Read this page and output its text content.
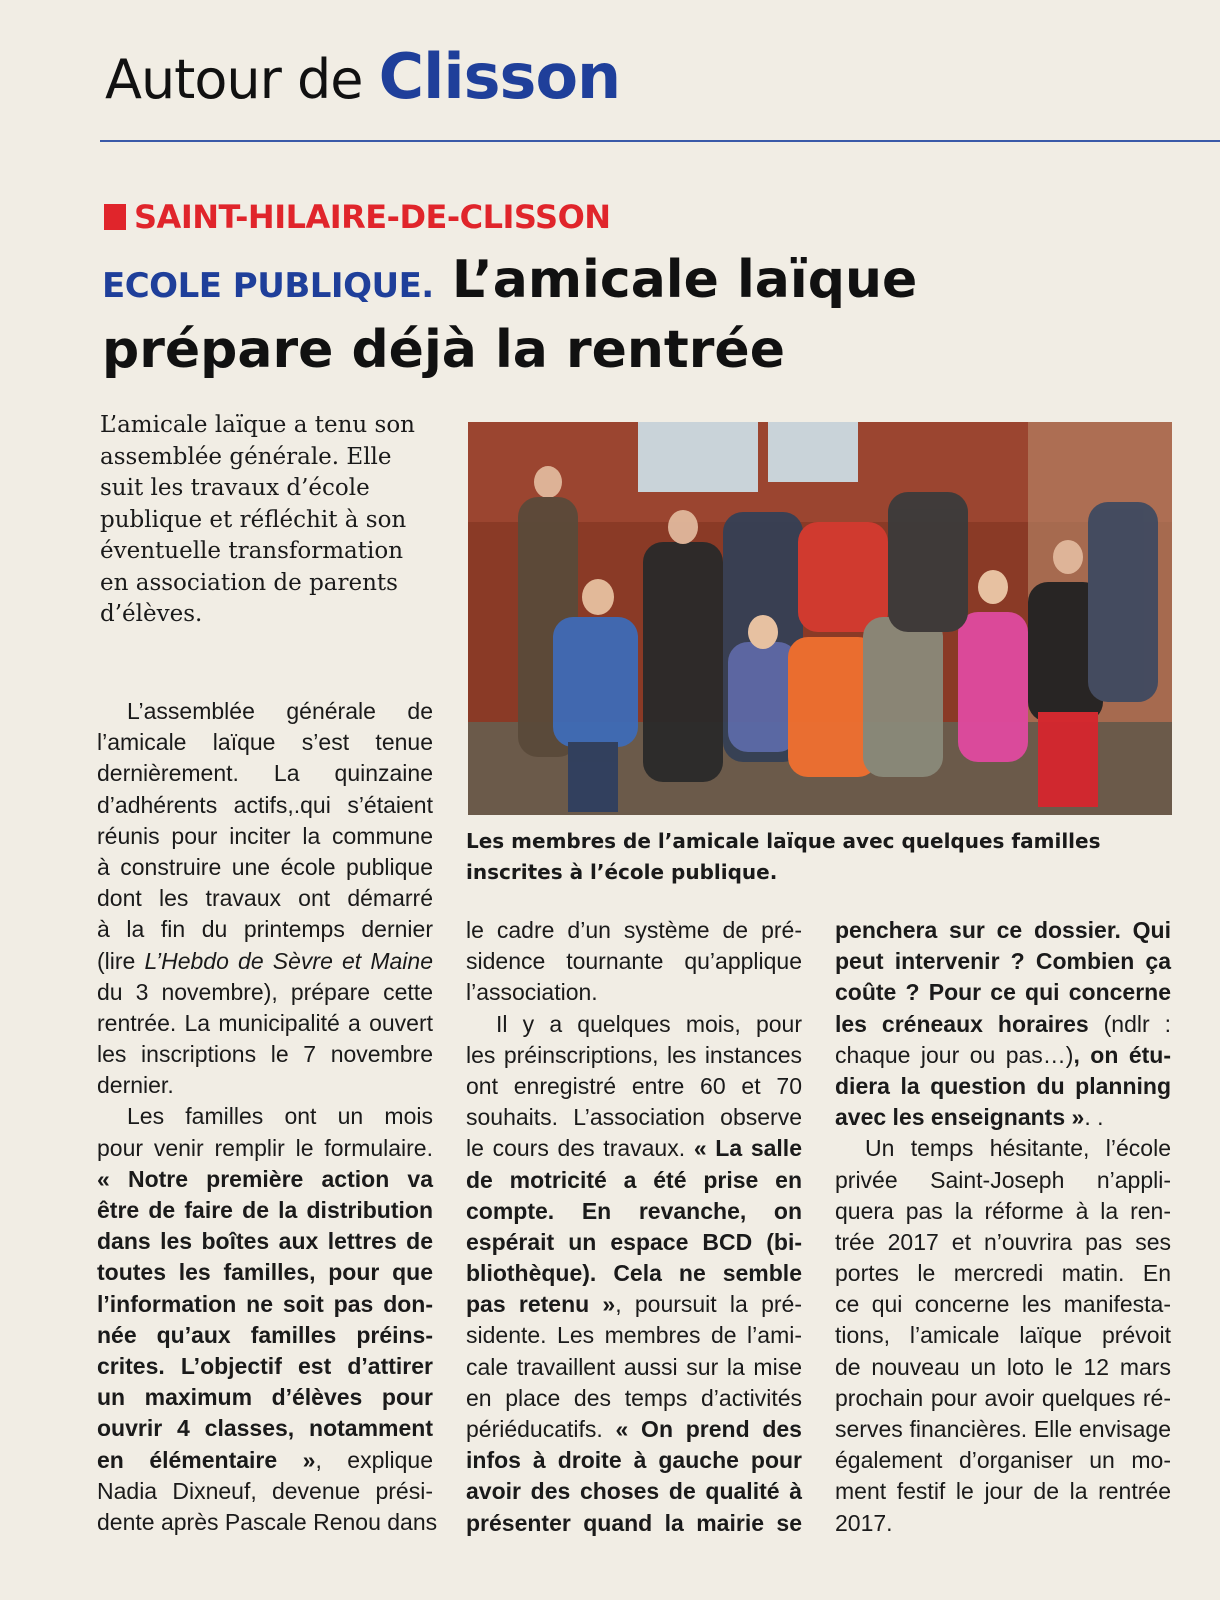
Autour de Clisson
SAINT-HILAIRE-DE-CLISSON
ECOLE PUBLIQUE. L’amicale laïque
prépare déjà la rentrée
L’amicale laïque a tenu son assemblée générale. Elle suit les travaux d’école publique et réfléchit à son éventuelle transformation en association de parents d’élèves.
Les membres de l’amicale laïque avec quelques familles inscrites à l’école publique.
L’assemblée générale de
l’amicale laïque s’est tenue
dernièrement. La quinzaine
d’adhérents actifs,.qui s’étaient
réunis pour inciter la commune
à construire une école publique
dont les travaux ont démarré
à la fin du printemps dernier
(lire L’Hebdo de Sèvre et Maine
du 3 novembre), prépare cette
rentrée. La municipalité a ouvert
les inscriptions le 7 novembre
dernier.
Les familles ont un mois
pour venir remplir le formulaire.
« Notre première action va
être de faire de la distribution
dans les boîtes aux lettres de
toutes les familles, pour que
l’information ne soit pas don-
née qu’aux familles préins-
crites. L’objectif est d’attirer
un maximum d’élèves pour
ouvrir 4 classes, notamment
en élémentaire », explique
Nadia Dixneuf, devenue prési-
dente après Pascale Renou dans
le cadre d’un système de pré-
sidence tournante qu’applique
l’association.
Il y a quelques mois, pour
les préinscriptions, les instances
ont enregistré entre 60 et 70
souhaits. L’association observe
le cours des travaux. « La salle
de motricité a été prise en
compte. En revanche, on
espérait un espace BCD (bi-
bliothèque). Cela ne semble
pas retenu », poursuit la pré-
sidente. Les membres de l’ami-
cale travaillent aussi sur la mise
en place des temps d’activités
périéducatifs. « On prend des
infos à droite à gauche pour
avoir des choses de qualité à
présenter quand la mairie se
penchera sur ce dossier. Qui
peut intervenir ? Combien ça
coûte ? Pour ce qui concerne
les créneaux horaires (ndlr :
chaque jour ou pas…), on étu-
diera la question du planning
avec les enseignants ». .
Un temps hésitante, l’école
privée Saint-Joseph n’appli-
quera pas la réforme à la ren-
trée 2017 et n’ouvrira pas ses
portes le mercredi matin. En
ce qui concerne les manifesta-
tions, l’amicale laïque prévoit
de nouveau un loto le 12 mars
prochain pour avoir quelques ré-
serves financières. Elle envisage
également d’organiser un mo-
ment festif le jour de la rentrée
2017.
